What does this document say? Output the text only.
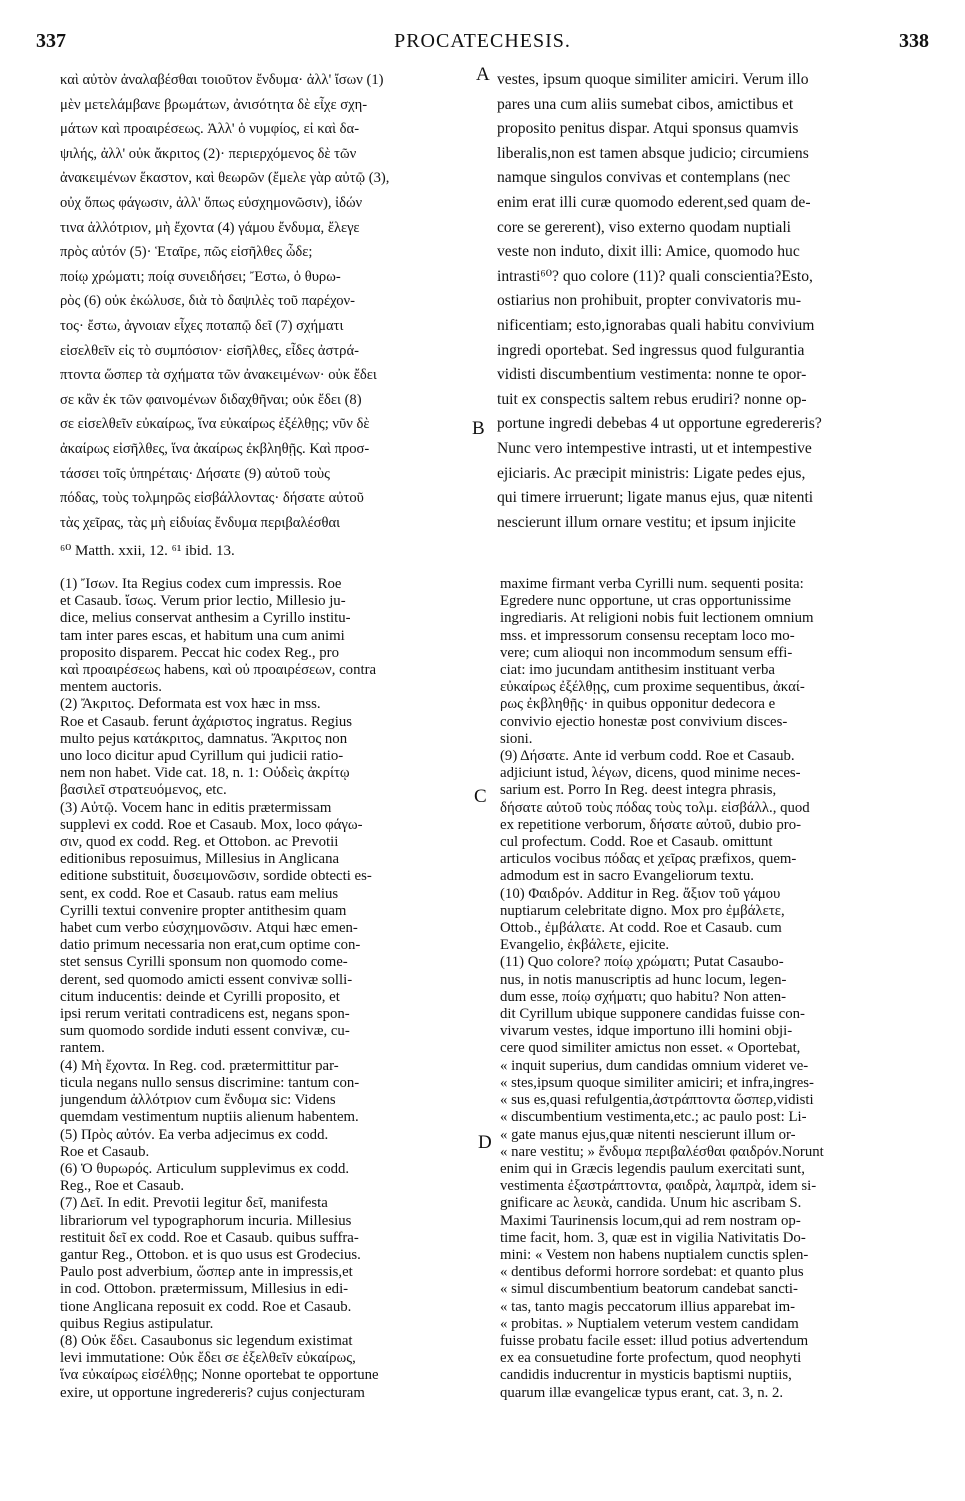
337	PROCATECHESIS.	338
A
B
C
D
καὶ αὐτὸν ἀναλαβέσθαι τοιοῦτον ἔνδυμα· ἀλλ' ἴσων (1)
μὲν μετελάμβανε βρωμάτων, ἀνισότητα δὲ εἶχε σχη-
μάτων καὶ προαιρέσεως. Ἀλλ' ὁ νυμφίος, εἰ καὶ δα-
ψιλής, ἀλλ' οὐκ ἄκριτος (2)· περιερχόμενος δὲ τῶν
ἀνακειμένων ἕκαστον, καὶ θεωρῶν (ἔμελε γὰρ αὐτῷ (3),
οὐχ ὅπως φάγωσιν, ἀλλ' ὅπως εὐσχημονῶσιν), ἰδών
τινα ἀλλότριον, μὴ ἔχοντα (4) γάμου ἔνδυμα, ἔλεγε
πρὸς αὐτόν (5)· Ἑταῖρε, πῶς εἰσῆλθες ὧδε;
ποίῳ χρώματι; ποίᾳ συνειδήσει; Ἔστω, ὁ θυρω-
ρὸς (6) οὐκ ἐκώλυσε, διὰ τὸ δαψιλὲς τοῦ παρέχον-
τος· ἔστω, ἀγνοιαν εἶχες ποταπῷ δεῖ (7) σχήματι
εἰσελθεῖν εἰς τὸ συμπόσιον· εἰσῆλθες, εἶδες ἀστρά-
πτοντα ὥσπερ τὰ σχήματα τῶν ἀνακειμένων· οὐκ ἔδει
σε κἂν ἐκ τῶν φαινομένων διδαχθῆναι; οὐκ ἔδει (8)
σε εἰσελθεῖν εὐκαίρως, ἵνα εὐκαίρως ἐξέλθῃς; νῦν δὲ
ἀκαίρως εἰσῆλθες, ἵνα ἀκαίρως ἐκβληθῇς. Καὶ προσ-
τάσσει τοῖς ὑπηρέταις· Δήσατε (9) αὐτοῦ τοὺς
πόδας, τοὺς τολμηρῶς εἰσβάλλοντας· δήσατε αὐτοῦ
τὰς χεῖρας, τὰς μὴ εἰδυίας ἔνδυμα περιβαλέσθαι
vestes, ipsum quoque similiter amiciri. Verum illo
pares una cum aliis sumebat cibos, amictibus et
proposito penitus dispar. Atqui sponsus quamvis
liberalis,non est tamen absque judicio; circumiens
namque singulos convivas et contemplans (nec
enim erat illi curæ quomodo ederent,sed quam de-
core se gererent), viso externo quodam nuptiali
veste non induto, dixit illi: Amice, quomodo huc
intrasti⁶⁰? quo colore (11)? quali conscientia?Esto,
ostiarius non prohibuit, propter convivatoris mu-
nificentiam; esto,ignorabas quali habitu convivium
ingredi oportebat. Sed ingressus quod fulgurantia
vidisti discumbentium vestimenta: nonne te opor-
tuit ex conspectis saltem rebus erudiri? nonne op-
portune ingredi debebas 4 ut opportune egredereris?
Nunc vero intempestive intrasti, ut et intempestive
ejiciaris. Ac præcipit ministris: Ligate pedes ejus,
qui timere irruerunt; ligate manus ejus, quæ nitenti
nescierunt illum ornare vestitu; et ipsum injicite
⁶⁰ Matth. xxii, 12. ⁶¹ ibid. 13.
(1) Ἴσων. Ita Regius codex cum impressis. Roe
et Casaub. ἴσως. Verum prior lectio, Millesio ju-
dice, melius conservat anthesim a Cyrillo institu-
tam inter pares escas, et habitum una cum animi
proposito disparem. Peccat hic codex Reg., pro
καὶ προαιρέσεως habens, καὶ οὐ προαιρέσεων, contra
mentem auctoris.
(2) Ἄκριτος. Deformata est vox hæc in mss.
Roe et Casaub. ferunt ἀχάριστος ingratus. Regius
multo pejus κατάκριτος, damnatus. Ἄκριτος non
uno loco dicitur apud Cyrillum qui judicii ratio-
nem non habet. Vide cat. 18, n. 1: Οὐδεὶς ἀκρίτῳ
βασιλεῖ στρατευόμενος, etc.
(3) Αὐτῷ. Vocem hanc in editis prætermissam
supplevi ex codd. Roe et Casaub. Mox, loco φάγω-
σιν, quod ex codd. Reg. et Ottobon. ac Prevotii
editionibus reposuimus, Millesius in Anglicana
editione substituit, δυσειμονῶσιν, sordide obtecti es-
sent, ex codd. Roe et Casaub. ratus eam melius
Cyrilli textui convenire propter antithesim quam
habet cum verbo εὐσχημονῶσιν. Atqui hæc emen-
datio primum necessaria non erat,cum optime con-
stet sensus Cyrilli sponsum non quomodo come-
derent, sed quomodo amicti essent convivæ solli-
citum inducentis: deinde et Cyrilli proposito, et
ipsi rerum veritati contradicens est, negans spon-
sum quomodo sordide induti essent convivæ, cu-
rantem.
(4) Μὴ ἔχοντα. In Reg. cod. prætermittitur par-
ticula negans nullo sensus discrimine: tantum con-
jungendum ἀλλότριον cum ἔνδυμα sic: Videns
quemdam vestimentum nuptiis alienum habentem.
(5) Πρὸς αὐτόν. Ea verba adjecimus ex codd.
Roe et Casaub.
(6) Ὁ θυρωρός. Articulum supplevimus ex codd.
Reg., Roe et Casaub.
(7) Δεῖ. In edit. Prevotii legitur δεῖ, manifesta
librariorum vel typographorum incuria. Millesius
restituit δεῖ ex codd. Roe et Casaub. quibus suffra-
gantur Reg., Ottobon. et is quo usus est Grodecius.
Paulo post adverbium, ὥσπερ ante in impressis,et
in cod. Ottobon. prætermissum, Millesius in edi-
tione Anglicana reposuit ex codd. Roe et Casaub.
quibus Regius astipulatur.
(8) Οὐκ ἔδει. Casaubonus sic legendum existimat
levi immutatione: Οὐκ ἔδει σε ἐξελθεῖν εὐκαίρως,
ἵνα εὐκαίρως εἰσέλθῃς; Nonne oportebat te opportune
exire, ut opportune ingredereris? cujus conjecturam
maxime firmant verba Cyrilli num. sequenti posita:
Egredere nunc opportune, ut cras opportunissime
ingrediaris. At religioni nobis fuit lectionem omnium
mss. et impressorum consensu receptam loco mo-
vere; cum alioqui non incommodum sensum effi-
ciat: imo jucundam antithesim instituant verba
εὐκαίρως ἐξέλθῃς, cum proxime sequentibus, ἀκαί-
ρως ἐκβληθῇς· in quibus opponitur dedecora e
convivio ejectio honestæ post convivium disces-
sioni.
(9) Δήσατε. Ante id verbum codd. Roe et Casaub.
adjiciunt istud, λέγων, dicens, quod minime neces-
sarium est. Porro In Reg. deest integra phrasis,
δήσατε αὐτοῦ τοὺς πόδας τοὺς τολμ. εἰσβάλλ., quod
ex repetitione verborum, δήσατε αὐτοῦ, dubio pro-
cul profectum. Codd. Roe et Casaub. omittunt
articulos vocibus πόδας et χεῖρας præfixos, quem-
admodum est in sacro Evangeliorum textu.
(10) Φαιδρόν. Additur in Reg. ἄξιον τοῦ γάμου
nuptiarum celebritate digno. Mox pro ἐμβάλετε,
Ottob., ἐμβάλατε. At codd. Roe et Casaub. cum
Evangelio, ἐκβάλετε, ejicite.
(11) Quo colore? ποίῳ χρώματι; Putat Casaubo-
nus, in notis manuscriptis ad hunc locum, legen-
dum esse, ποίῳ σχήματι; quo habitu? Non atten-
dit Cyrillum ubique supponere candidas fuisse con-
vivarum vestes, idque importuno illi homini obji-
cere quod similiter amictus non esset. « Oportebat,
« inquit superius, dum candidas omnium videret ve-
« stes,ipsum quoque similiter amiciri; et infra,ingres-
« sus es,quasi refulgentia,ἀστράπτοντα ὥσπερ,vidisti
« discumbentium vestimenta,etc.; ac paulo post: Li-
« gate manus ejus,quæ nitenti nescierunt illum or-
« nare vestitu; » ἔνδυμα περιβαλέσθαι φαιδρόν.Norunt
enim qui in Græcis legendis paulum exercitati sunt,
vestimenta ἐξαστράπτοντα, φαιδρὰ, λαμπρὰ, idem si-
gnificare ac λευκὰ, candida. Unum hic ascribam S.
Maximi Taurinensis locum,qui ad rem nostram op-
time facit, hom. 3, quæ est in vigilia Nativitatis Do-
mini: « Vestem non habens nuptialem cunctis splen-
« dentibus deformi horrore sordebat: et quanto plus
« simul discumbentium beatorum candebat sancti-
« tas, tanto magis peccatorum illius apparebat im-
« probitas. » Nuptialem veterum vestem candidam
fuisse probatu facile esset: illud potius advertendum
ex ea consuetudine forte profectum, quod neophyti
candidis inducrentur in mysticis baptismi nuptiis,
quarum illæ evangelicæ typus erant, cat. 3, n. 2.
